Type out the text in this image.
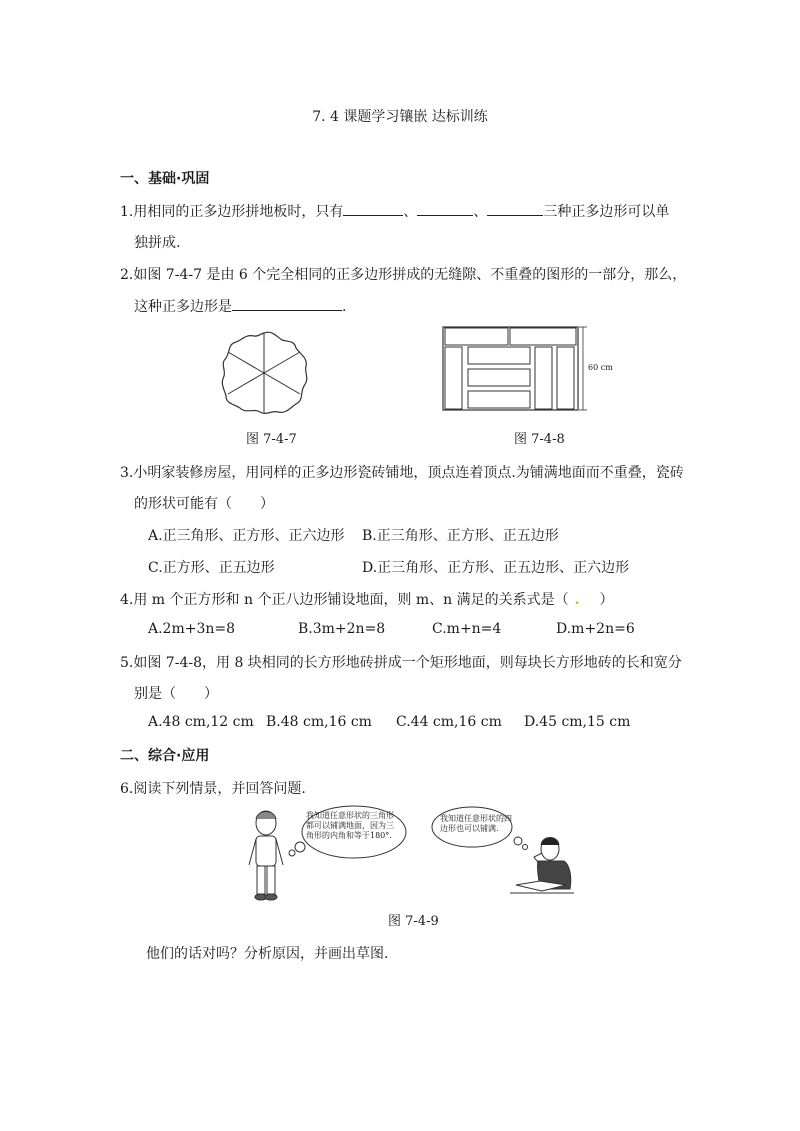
7. 4 课题学习镶嵌 达标训练
一、基础·巩固
1.用相同的正多边形拼地板时，只有	、	、	三种正多边形可以单
独拼成.
2.如图 7-4-7 是由 6 个完全相同的正多边形拼成的无缝隙、不重叠的图形的一部分，那么，
这种正多边形是	.
图 7-4-7
60 cm
图 7-4-8
3.小明家装修房屋，用同样的正多边形瓷砖铺地，顶点连着顶点.为铺满地面而不重叠，瓷砖
的形状可能有（　　）
A.正三角形、正方形、正六边形 B.正三角形、正方形、正五边形
C.正方形、正五边形	D.正三角形、正方形、正五边形、正六边形
4.用 m 个正方形和 n 个正八边形铺设地面，则 m、n 满足的关系式是（ .　）
A.2m+3n=8	B.3m+2n=8	C.m+n=4	D.m+2n=6
5.如图 7-4-8，用 8 块相同的长方形地砖拼成一个矩形地面，则每块长方形地砖的长和宽分
别是（　　）
A.48 cm,12 cm B.48 cm,16 cm C.44 cm,16 cm D.45 cm,15 cm
二、综合·应用
6.阅读下列情景，并回答问题.
我知道任意形状的三角形
都可以铺满地面，因为三
角形的内角和等于180°.
我知道任意形状的四
边形也可以铺满.
图 7-4-9
他们的话对吗？分析原因，并画出草图.
